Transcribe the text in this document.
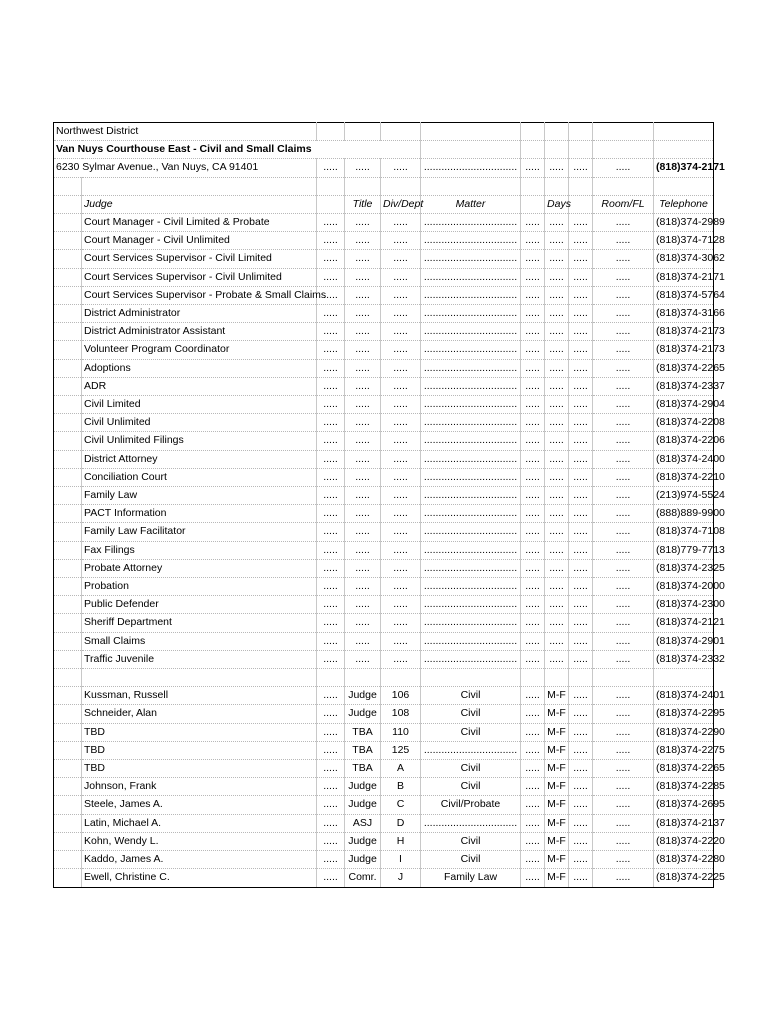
Northwest District										
Van Nuys Courthouse East - Civil and Small Claims										
6230 Sylmar Avenue., Van Nuys, CA 91401		.....	.....	.....	................................	.....	.....	.....	.....	(818)374-2171

	Judge		Title	Div/Dept	Matter		Days		Room/FL	Telephone
	Court Manager - Civil Limited & Probate	.....	.....	.....	................................	.....	.....	.....	.....	(818)374-2989
	Court Manager - Civil Unlimited	.....	.....	.....	................................	.....	.....	.....	.....	(818)374-7128
	Court Services Supervisor - Civil Limited	.....	.....	.....	................................	.....	.....	.....	.....	(818)374-3062
	Court Services Supervisor - Civil Unlimited	.....	.....	.....	................................	.....	.....	.....	.....	(818)374-2171
	Court Services Supervisor - Probate & Small Claims	.....	.....	.....	................................	.....	.....	.....	.....	(818)374-5764
	District Administrator	.....	.....	.....	................................	.....	.....	.....	.....	(818)374-3166
	District Administrator Assistant	.....	.....	.....	................................	.....	.....	.....	.....	(818)374-2173
	Volunteer Program Coordinator	.....	.....	.....	................................	.....	.....	.....	.....	(818)374-2173
	Adoptions	.....	.....	.....	................................	.....	.....	.....	.....	(818)374-2265
	ADR	.....	.....	.....	................................	.....	.....	.....	.....	(818)374-2337
	Civil Limited	.....	.....	.....	................................	.....	.....	.....	.....	(818)374-2904
	Civil Unlimited	.....	.....	.....	................................	.....	.....	.....	.....	(818)374-2208
	Civil Unlimited Filings	.....	.....	.....	................................	.....	.....	.....	.....	(818)374-2206
	District Attorney	.....	.....	.....	................................	.....	.....	.....	.....	(818)374-2400
	Conciliation Court	.....	.....	.....	................................	.....	.....	.....	.....	(818)374-2210
	Family Law	.....	.....	.....	................................	.....	.....	.....	.....	(213)974-5524
	PACT Information	.....	.....	.....	................................	.....	.....	.....	.....	(888)889-9900
	Family Law Facilitator	.....	.....	.....	................................	.....	.....	.....	.....	(818)374-7108
	Fax Filings	.....	.....	.....	................................	.....	.....	.....	.....	(818)779-7713
	Probate Attorney	.....	.....	.....	................................	.....	.....	.....	.....	(818)374-2325
	Probation	.....	.....	.....	................................	.....	.....	.....	.....	(818)374-2000
	Public Defender	.....	.....	.....	................................	.....	.....	.....	.....	(818)374-2300
	Sheriff Department	.....	.....	.....	................................	.....	.....	.....	.....	(818)374-2121
	Small Claims	.....	.....	.....	................................	.....	.....	.....	.....	(818)374-2901
	Traffic Juvenile	.....	.....	.....	................................	.....	.....	.....	.....	(818)374-2332

	Kussman, Russell	.....	Judge	106	Civil	.....	M-F	.....	.....	(818)374-2401
	Schneider, Alan	.....	Judge	108	Civil	.....	M-F	.....	.....	(818)374-2295
	TBD	.....	TBA	110	Civil	.....	M-F	.....	.....	(818)374-2290
	TBD	.....	TBA	125	................................	.....	M-F	.....	.....	(818)374-2275
	TBD	.....	TBA	A	Civil	.....	M-F	.....	.....	(818)374-2265
	Johnson, Frank	.....	Judge	B	Civil	.....	M-F	.....	.....	(818)374-2285
	Steele, James A.	.....	Judge	C	Civil/Probate	.....	M-F	.....	.....	(818)374-2695
	Latin, Michael A.	.....	ASJ	D	................................	.....	M-F	.....	.....	(818)374-2137
	Kohn, Wendy L.	.....	Judge	H	Civil	.....	M-F	.....	.....	(818)374-2220
	Kaddo, James A.	.....	Judge	I	Civil	.....	M-F	.....	.....	(818)374-2280
	Ewell, Christine C.	.....	Comr.	J	Family Law	.....	M-F	.....	.....	(818)374-2225
